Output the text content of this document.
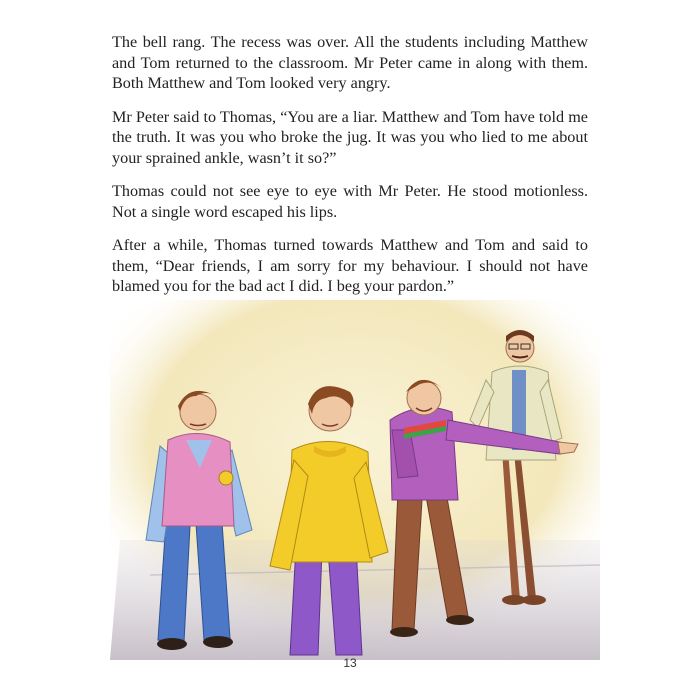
The bell rang. The recess was over. All the students including Matthew and Tom returned to the classroom. Mr Peter came in along with them. Both Matthew and Tom looked very angry.

Mr Peter said to Thomas, “You are a liar. Matthew and Tom have told me the truth. It was you who broke the jug. It was you who lied to me about your sprained ankle, wasn’t it so?”

Thomas could not see eye to eye with Mr Peter. He stood motionless. Not a single word escaped his lips.

After a while, Thomas turned towards Matthew and Tom and said to them, “Dear friends, I am sorry for my behaviour. I should not have blamed you for the bad act I did. I beg your pardon.”

13
